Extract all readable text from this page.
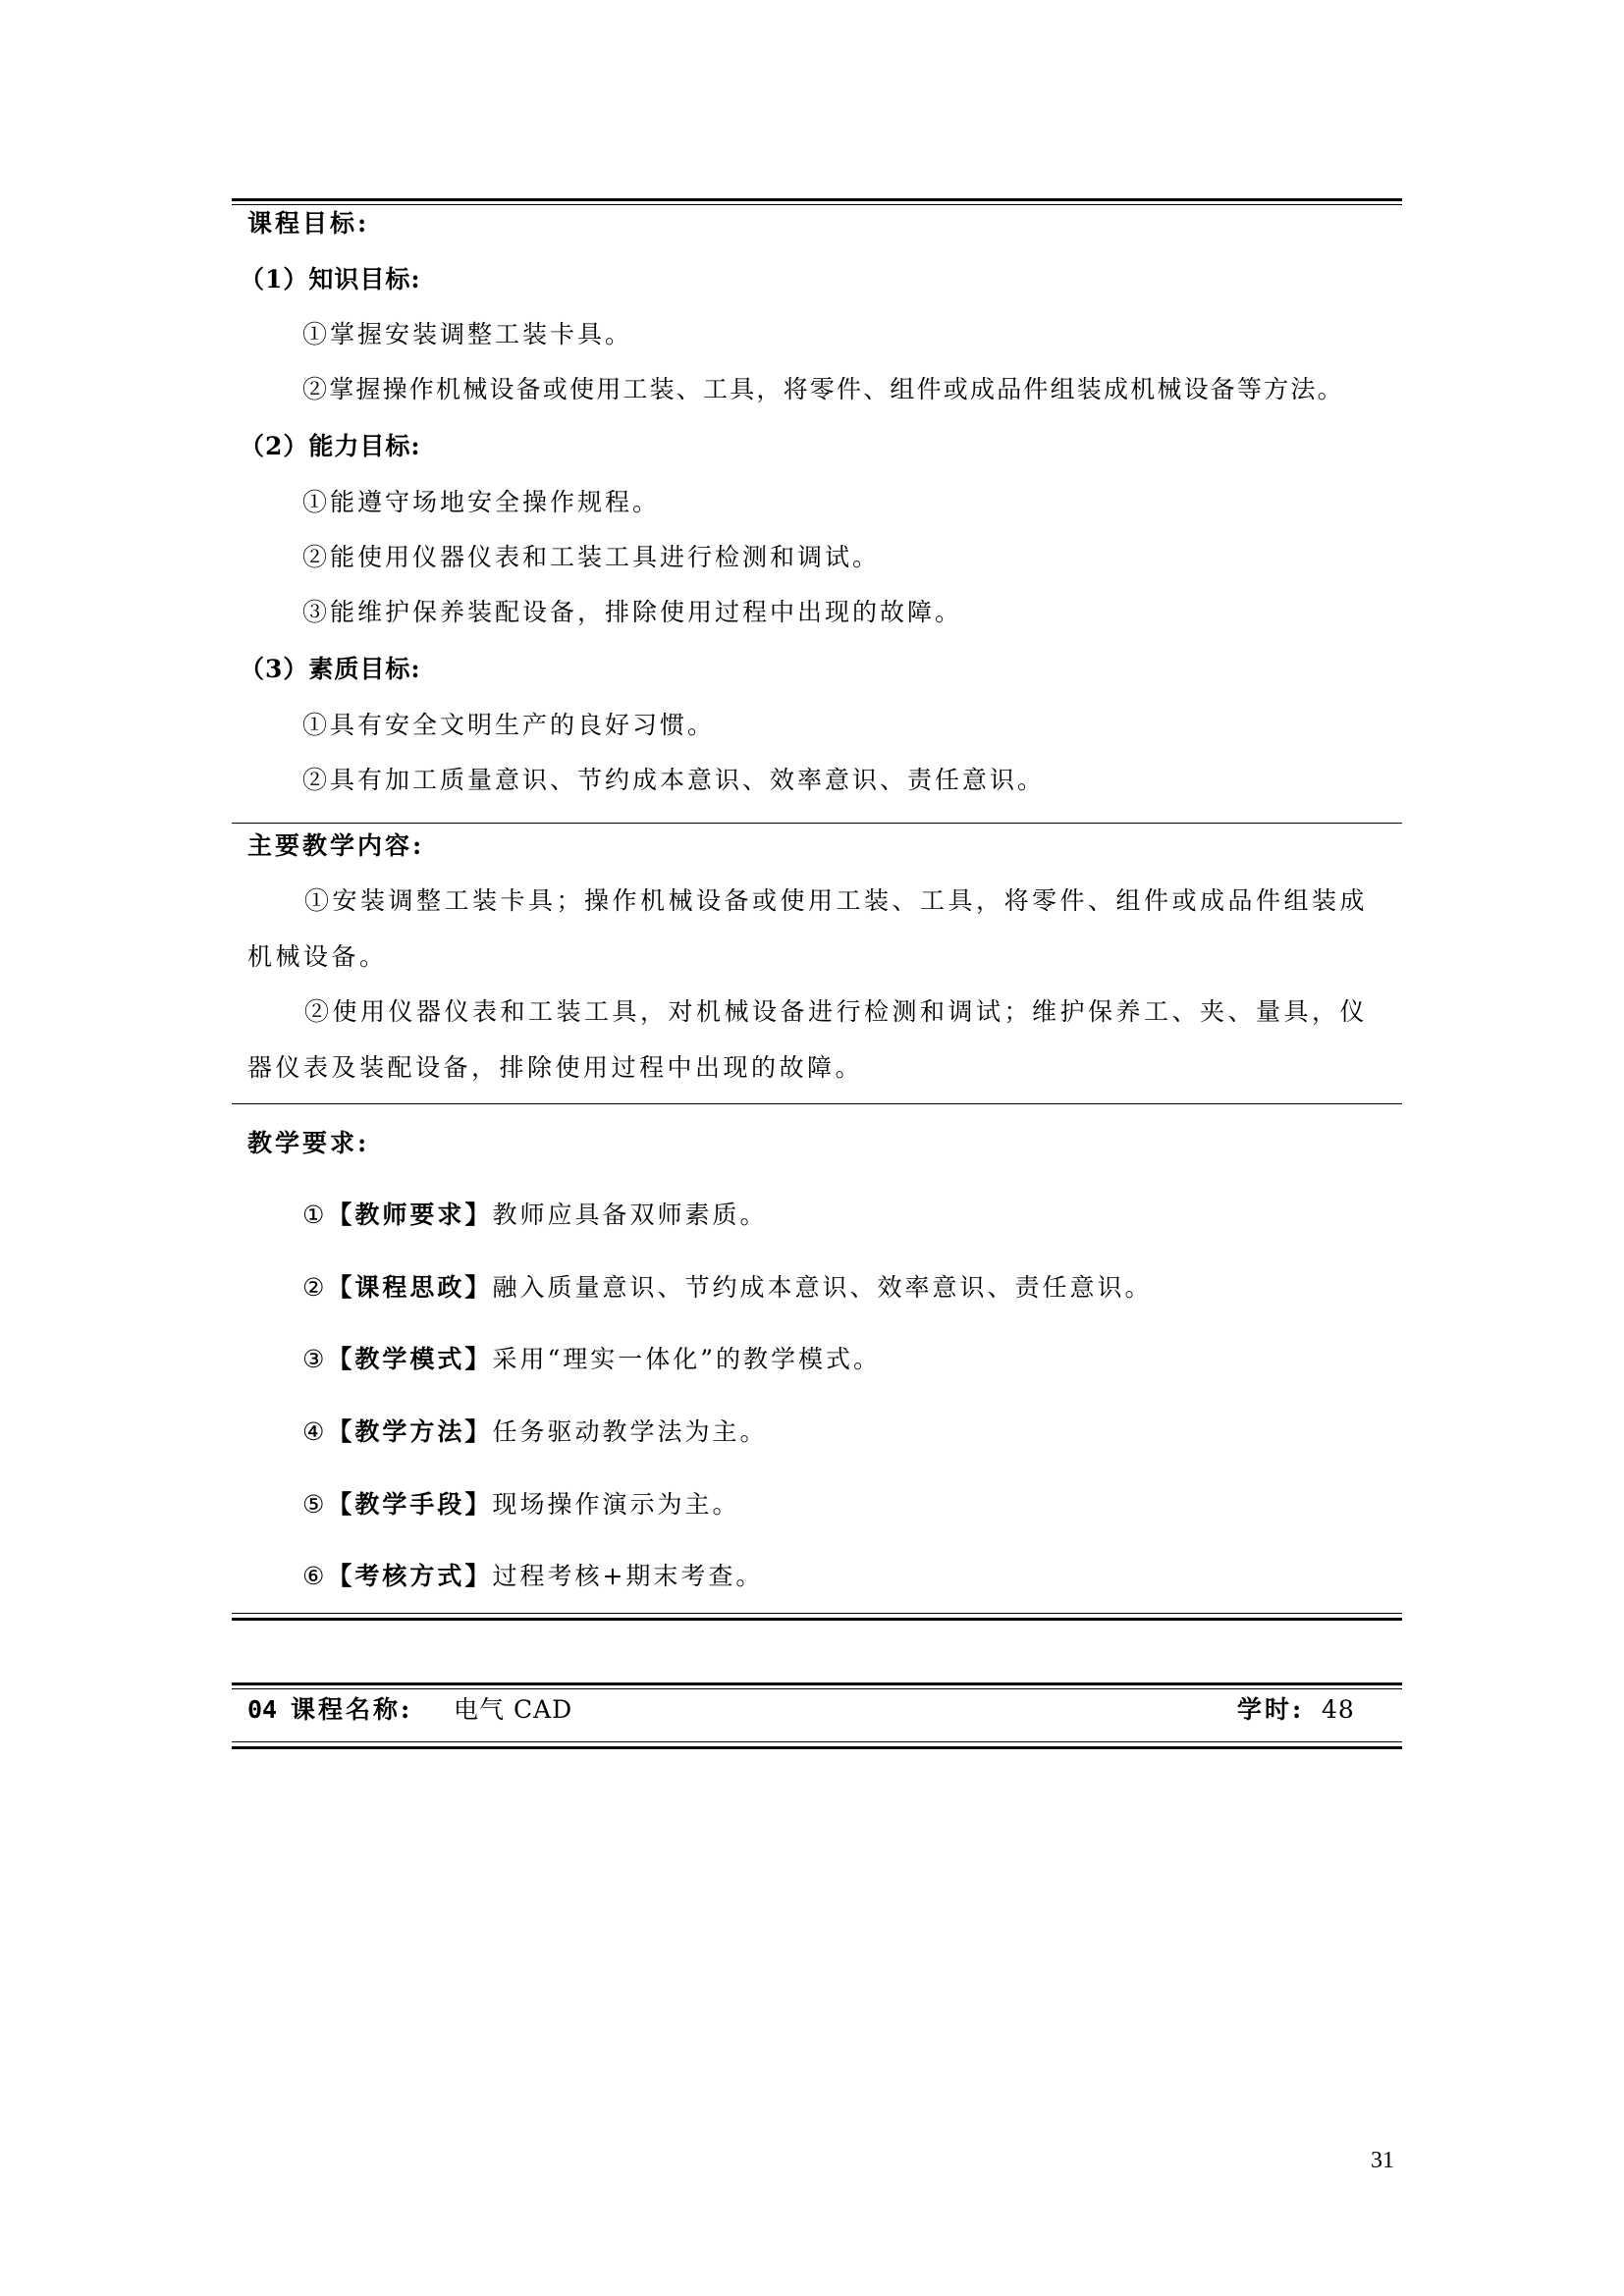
课程目标:
（1）知识目标:
①掌握安装调整工装卡具。
②掌握操作机械设备或使用工装、工具，将零件、组件或成品件组装成机械设备等方法。
（2）能力目标:
①能遵守场地安全操作规程。
②能使用仪器仪表和工装工具进行检测和调试。
③能维护保养装配设备，排除使用过程中出现的故障。
（3）素质目标:
①具有安全文明生产的良好习惯。
②具有加工质量意识、节约成本意识、效率意识、责任意识。
主要教学内容:
①安装调整工装卡具；操作机械设备或使用工装、工具，将零件、组件或成品件组装成机械设备。
②使用仪器仪表和工装工具，对机械设备进行检测和调试；维护保养工、夹、量具，仪器仪表及装配设备，排除使用过程中出现的故障。
教学要求:
①【教师要求】教师应具备双师素质。
②【课程思政】融入质量意识、节约成本意识、效率意识、责任意识。
③【教学模式】采用“理实一体化”的教学模式。
④【教学方法】任务驱动教学法为主。
⑤【教学手段】现场操作演示为主。
⑥【考核方式】过程考核+期末考查。
04 课程名称: 电气 CAD	学时: 48
31
